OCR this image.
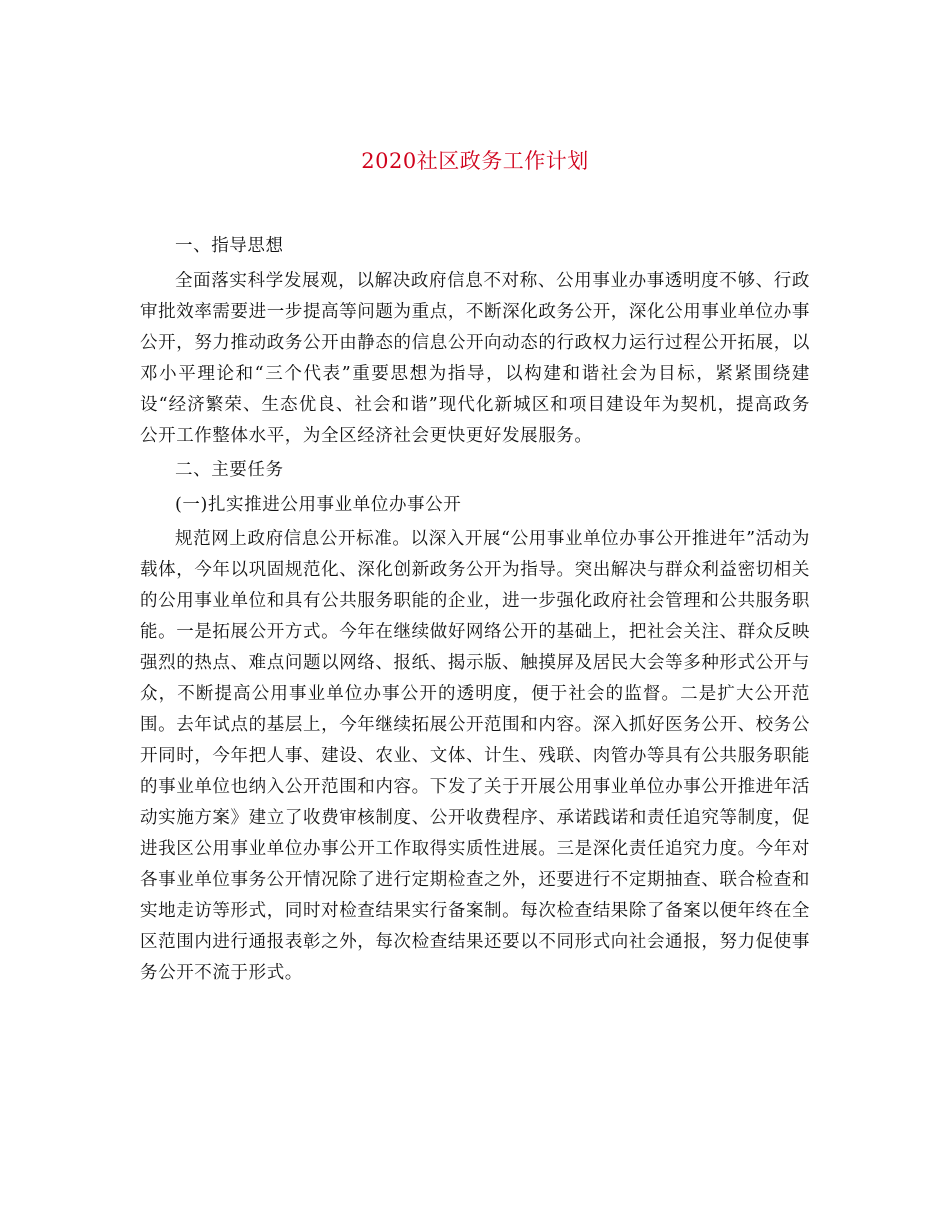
2020社区政务工作计划

一、指导思想

全面落实科学发展观，以解决政府信息不对称、公用事业办事透明度不够、行政审批效率需要进一步提高等问题为重点，不断深化政务公开，深化公用事业单位办事公开，努力推动政务公开由静态的信息公开向动态的行政权力运行过程公开拓展，以邓小平理论和“三个代表”重要思想为指导，以构建和谐社会为目标，紧紧围绕建设“经济繁荣、生态优良、社会和谐”现代化新城区和项目建设年为契机，提高政务公开工作整体水平，为全区经济社会更快更好发展服务。

二、主要任务

(一)扎实推进公用事业单位办事公开

规范网上政府信息公开标准。以深入开展“公用事业单位办事公开推进年”活动为载体，今年以巩固规范化、深化创新政务公开为指导。突出解决与群众利益密切相关的公用事业单位和具有公共服务职能的企业，进一步强化政府社会管理和公共服务职能。一是拓展公开方式。今年在继续做好网络公开的基础上，把社会关注、群众反映强烈的热点、难点问题以网络、报纸、揭示版、触摸屏及居民大会等多种形式公开与众，不断提高公用事业单位办事公开的透明度，便于社会的监督。二是扩大公开范围。去年试点的基层上，今年继续拓展公开范围和内容。深入抓好医务公开、校务公开同时，今年把人事、建设、农业、文体、计生、残联、肉管办等具有公共服务职能的事业单位也纳入公开范围和内容。下发了关于开展公用事业单位办事公开推进年活动实施方案》建立了收费审核制度、公开收费程序、承诺践诺和责任追究等制度，促进我区公用事业单位办事公开工作取得实质性进展。三是深化责任追究力度。今年对各事业单位事务公开情况除了进行定期检查之外，还要进行不定期抽查、联合检查和实地走访等形式，同时对检查结果实行备案制。每次检查结果除了备案以便年终在全区范围内进行通报表彰之外，每次检查结果还要以不同形式向社会通报，努力促使事务公开不流于形式。
